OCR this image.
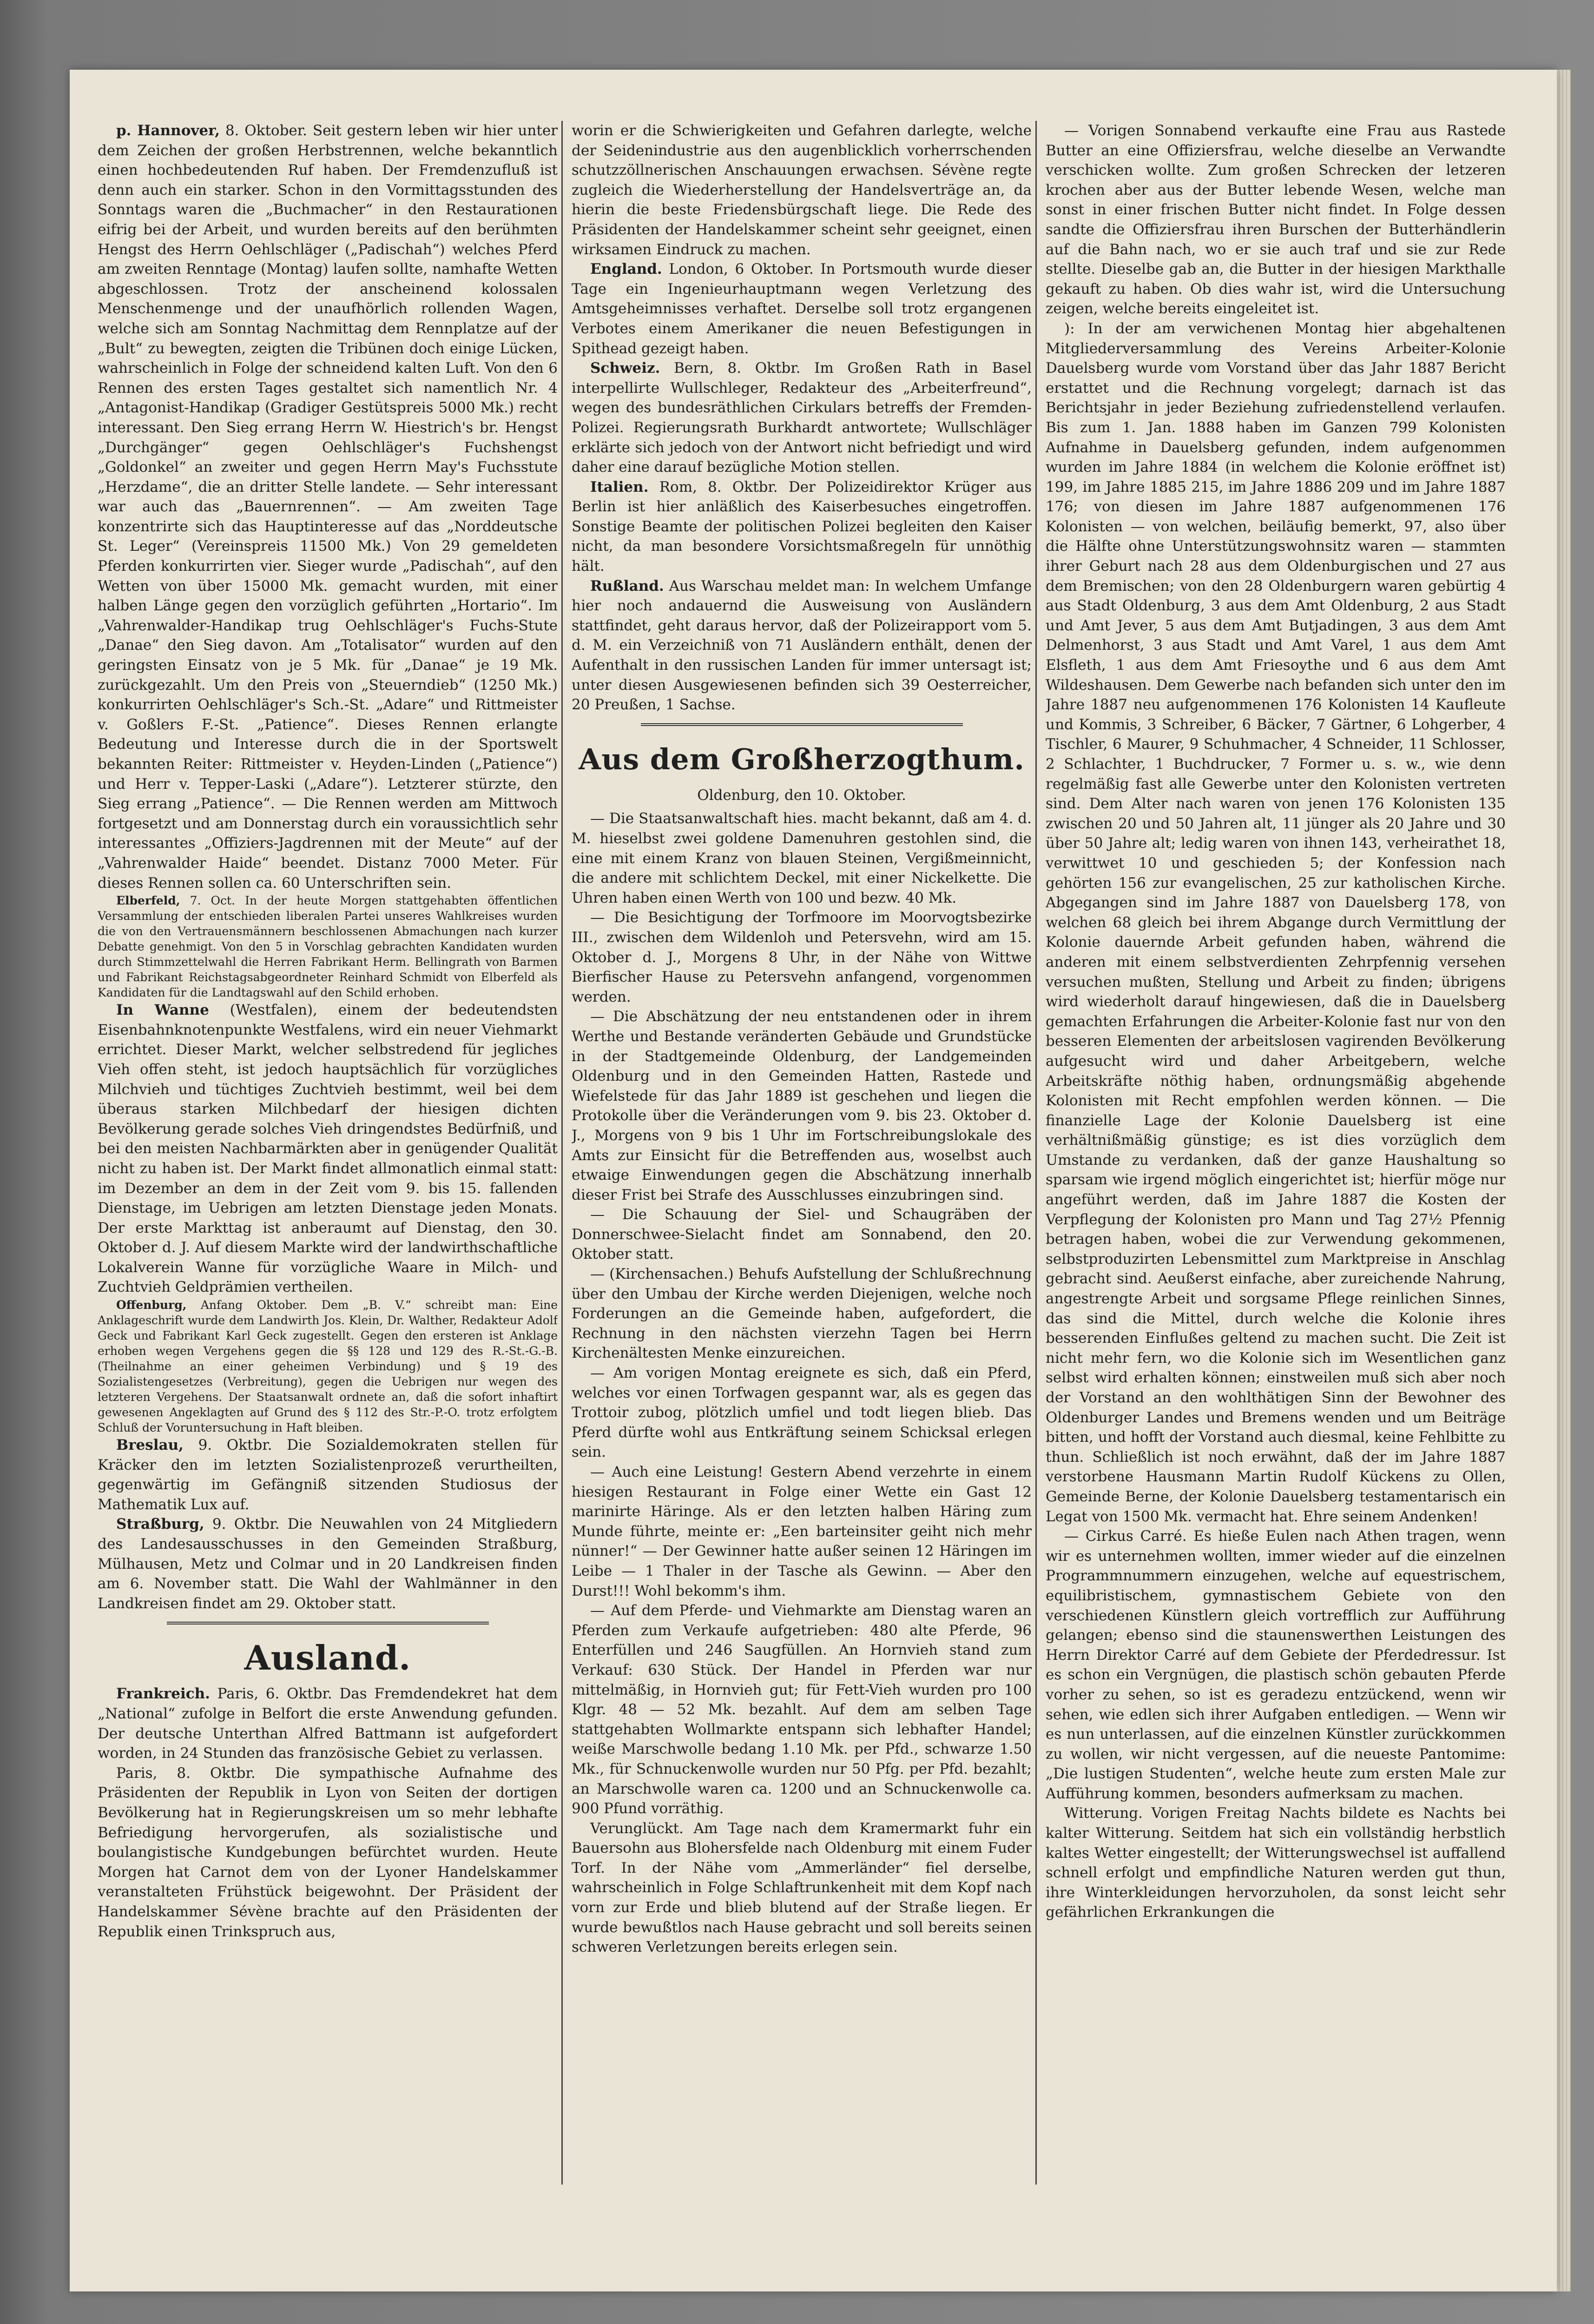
p. Hannover, 8. Oktober. Seit gestern leben wir hier unter dem Zeichen der großen Herbstrennen, welche bekanntlich einen hochbedeutenden Ruf haben. Der Fremdenzufluß ist denn auch ein starker. Schon in den Vormittagsstunden des Sonntags waren die „Buchmacher“ in den Restaurationen eifrig bei der Arbeit, und wurden bereits auf den berühmten Hengst des Herrn Oehlschläger („Padischah“) welches Pferd am zweiten Renntage (Montag) laufen sollte, namhafte Wetten abgeschlossen. Trotz der anscheinend kolossalen Menschenmenge und der unaufhörlich rollenden Wagen, welche sich am Sonntag Nachmittag dem Rennplatze auf der „Bult“ zu bewegten, zeigten die Tribünen doch einige Lücken, wahrscheinlich in Folge der schneidend kalten Luft. Von den 6 Rennen des ersten Tages gestaltet sich namentlich Nr. 4 „Antagonist-Handikap (Gradiger Gestütspreis 5000 Mk.) recht interessant. Den Sieg errang Herrn W. Hiestrich's br. Hengst „Durchgänger“ gegen Oehlschläger's Fuchshengst „Goldonkel“ an zweiter und gegen Herrn May's Fuchsstute „Herzdame“, die an dritter Stelle landete. — Sehr interessant war auch das „Bauernrennen“. — Am zweiten Tage konzentrirte sich das Hauptinteresse auf das „Norddeutsche St. Leger“ (Vereinspreis 11500 Mk.) Von 29 gemeldeten Pferden konkurrirten vier. Sieger wurde „Padischah“, auf den Wetten von über 15000 Mk. gemacht wurden, mit einer halben Länge gegen den vorzüglich geführten „Hortario“. Im „Vahrenwalder-Handikap trug Oehlschläger's Fuchs-Stute „Danae“ den Sieg davon. Am „Totalisator“ wurden auf den geringsten Einsatz von je 5 Mk. für „Danae“ je 19 Mk. zurückgezahlt. Um den Preis von „Steuerndieb“ (1250 Mk.) konkurrirten Oehlschläger's Sch.-St. „Adare“ und Rittmeister v. Goßlers F.-St. „Patience“. Dieses Rennen erlangte Bedeutung und Interesse durch die in der Sportswelt bekannten Reiter: Rittmeister v. Heyden-Linden („Patience“) und Herr v. Tepper-Laski („Adare“). Letzterer stürzte, den Sieg errang „Patience“. — Die Rennen werden am Mittwoch fortgesetzt und am Donnerstag durch ein voraussichtlich sehr interessantes „Offiziers-Jagdrennen mit der Meute“ auf der „Vahrenwalder Haide“ beendet. Distanz 7000 Meter. Für dieses Rennen sollen ca. 60 Unterschriften sein.

Elberfeld, 7. Oct. In der heute Morgen stattgehabten öffentlichen Versammlung der entschieden liberalen Partei unseres Wahlkreises wurden die von den Vertrauensmännern beschlossenen Abmachungen nach kurzer Debatte genehmigt. Von den 5 in Vorschlag gebrachten Kandidaten wurden durch Stimmzettelwahl die Herren Fabrikant Herm. Bellingrath von Barmen und Fabrikant Reichstagsabgeordneter Reinhard Schmidt von Elberfeld als Kandidaten für die Landtagswahl auf den Schild erhoben.

In Wanne (Westfalen), einem der bedeutendsten Eisenbahnknotenpunkte Westfalens, wird ein neuer Viehmarkt errichtet. Dieser Markt, welcher selbstredend für jegliches Vieh offen steht, ist jedoch hauptsächlich für vorzügliches Milchvieh und tüchtiges Zuchtvieh bestimmt, weil bei dem überaus starken Milchbedarf der hiesigen dichten Bevölkerung gerade solches Vieh dringendstes Bedürfniß, und bei den meisten Nachbarmärkten aber in genügender Qualität nicht zu haben ist. Der Markt findet allmonatlich einmal statt: im Dezember an dem in der Zeit vom 9. bis 15. fallenden Dienstage, im Uebrigen am letzten Dienstage jeden Monats. Der erste Markttag ist anberaumt auf Dienstag, den 30. Oktober d. J. Auf diesem Markte wird der landwirthschaftliche Lokalverein Wanne für vorzügliche Waare in Milch- und Zuchtvieh Geldprämien vertheilen.

Offenburg, Anfang Oktober. Dem „B. V.“ schreibt man: Eine Anklageschrift wurde dem Landwirth Jos. Klein, Dr. Walther, Redakteur Adolf Geck und Fabrikant Karl Geck zugestellt. Gegen den ersteren ist Anklage erhoben wegen Vergehens gegen die §§ 128 und 129 des R.-St.-G.-B. (Theilnahme an einer geheimen Verbindung) und § 19 des Sozialistengesetzes (Verbreitung), gegen die Uebrigen nur wegen des letzteren Vergehens. Der Staatsanwalt ordnete an, daß die sofort inhaftirt gewesenen Angeklagten auf Grund des § 112 des Str.-P.-O. trotz erfolgtem Schluß der Voruntersuchung in Haft bleiben.

Breslau, 9. Oktbr. Die Sozialdemokraten stellen für Kräcker den im letzten Sozialistenprozeß verurtheilten, gegenwärtig im Gefängniß sitzenden Studiosus der Mathematik Lux auf.

Straßburg, 9. Oktbr. Die Neuwahlen von 24 Mitgliedern des Landesausschusses in den Gemeinden Straßburg, Mülhausen, Metz und Colmar und in 20 Landkreisen finden am 6. November statt. Die Wahl der Wahlmänner in den Landkreisen findet am 29. Oktober statt.

Ausland.

Frankreich. Paris, 6. Oktbr. Das Fremdendekret hat dem „National“ zufolge in Belfort die erste Anwendung gefunden. Der deutsche Unterthan Alfred Battmann ist aufgefordert worden, in 24 Stunden das französische Gebiet zu verlassen.

Paris, 8. Oktbr. Die sympathische Aufnahme des Präsidenten der Republik in Lyon von Seiten der dortigen Bevölkerung hat in Regierungskreisen um so mehr lebhafte Befriedigung hervorgerufen, als sozialistische und boulangistische Kundgebungen befürchtet wurden. Heute Morgen hat Carnot dem von der Lyoner Handelskammer veranstalteten Frühstück beigewohnt. Der Präsident der Handelskammer Sévène brachte auf den Präsidenten der Republik einen Trinkspruch aus,

worin er die Schwierigkeiten und Gefahren darlegte, welche der Seidenindustrie aus den augenblicklich vorherrschenden schutzzöllnerischen Anschauungen erwachsen. Sévène regte zugleich die Wiederherstellung der Handelsverträge an, da hierin die beste Friedensbürgschaft liege. Die Rede des Präsidenten der Handelskammer scheint sehr geeignet, einen wirksamen Eindruck zu machen.

England. London, 6 Oktober. In Portsmouth wurde dieser Tage ein Ingenieurhauptmann wegen Verletzung des Amtsgeheimnisses verhaftet. Derselbe soll trotz ergangenen Verbotes einem Amerikaner die neuen Befestigungen in Spithead gezeigt haben.

Schweiz. Bern, 8. Oktbr. Im Großen Rath in Basel interpellirte Wullschleger, Redakteur des „Arbeiterfreund“, wegen des bundesräthlichen Cirkulars betreffs der Fremden-Polizei. Regierungsrath Burkhardt antwortete; Wullschläger erklärte sich jedoch von der Antwort nicht befriedigt und wird daher eine darauf bezügliche Motion stellen.

Italien. Rom, 8. Oktbr. Der Polizeidirektor Krüger aus Berlin ist hier anläßlich des Kaiserbesuches eingetroffen. Sonstige Beamte der politischen Polizei begleiten den Kaiser nicht, da man besondere Vorsichtsmaßregeln für unnöthig hält.

Rußland. Aus Warschau meldet man: In welchem Umfange hier noch andauernd die Ausweisung von Ausländern stattfindet, geht daraus hervor, daß der Polizeirapport vom 5. d. M. ein Verzeichniß von 71 Ausländern enthält, denen der Aufenthalt in den russischen Landen für immer untersagt ist; unter diesen Ausgewiesenen befinden sich 39 Oesterreicher, 20 Preußen, 1 Sachse.

Aus dem Großherzogthum.

Oldenburg, den 10. Oktober.

— Die Staatsanwaltschaft hies. macht bekannt, daß am 4. d. M. hieselbst zwei goldene Damenuhren gestohlen sind, die eine mit einem Kranz von blauen Steinen, Vergißmeinnicht, die andere mit schlichtem Deckel, mit einer Nickelkette. Die Uhren haben einen Werth von 100 und bezw. 40 Mk.

— Die Besichtigung der Torfmoore im Moorvogtsbezirke III., zwischen dem Wildenloh und Petersvehn, wird am 15. Oktober d. J., Morgens 8 Uhr, in der Nähe von Wittwe Bierfischer Hause zu Petersvehn anfangend, vorgenommen werden.

— Die Abschätzung der neu entstandenen oder in ihrem Werthe und Bestande veränderten Gebäude und Grundstücke in der Stadtgemeinde Oldenburg, der Landgemeinden Oldenburg und in den Gemeinden Hatten, Rastede und Wiefelstede für das Jahr 1889 ist geschehen und liegen die Protokolle über die Veränderungen vom 9. bis 23. Oktober d. J., Morgens von 9 bis 1 Uhr im Fortschreibungslokale des Amts zur Einsicht für die Betreffenden aus, woselbst auch etwaige Einwendungen gegen die Abschätzung innerhalb dieser Frist bei Strafe des Ausschlusses einzubringen sind.

— Die Schauung der Siel- und Schaugräben der Donnerschwee-Sielacht findet am Sonnabend, den 20. Oktober statt.

— (Kirchensachen.) Behufs Aufstellung der Schlußrechnung über den Umbau der Kirche werden Diejenigen, welche noch Forderungen an die Gemeinde haben, aufgefordert, die Rechnung in den nächsten vierzehn Tagen bei Herrn Kirchenältesten Menke einzureichen.

— Am vorigen Montag ereignete es sich, daß ein Pferd, welches vor einen Torfwagen gespannt war, als es gegen das Trottoir zubog, plötzlich umfiel und todt liegen blieb. Das Pferd dürfte wohl aus Entkräftung seinem Schicksal erlegen sein.

— Auch eine Leistung! Gestern Abend verzehrte in einem hiesigen Restaurant in Folge einer Wette ein Gast 12 marinirte Häringe. Als er den letzten halben Häring zum Munde führte, meinte er: „Een barteinsiter geiht nich mehr nünner!“ — Der Gewinner hatte außer seinen 12 Häringen im Leibe — 1 Thaler in der Tasche als Gewinn. — Aber den Durst!!! Wohl bekomm's ihm.

— Auf dem Pferde- und Viehmarkte am Dienstag waren an Pferden zum Verkaufe aufgetrieben: 480 alte Pferde, 96 Enterfüllen und 246 Saugfüllen. An Hornvieh stand zum Verkauf: 630 Stück. Der Handel in Pferden war nur mittelmäßig, in Hornvieh gut; für Fett-Vieh wurden pro 100 Klgr. 48 — 52 Mk. bezahlt. Auf dem am selben Tage stattgehabten Wollmarkte entspann sich lebhafter Handel; weiße Marschwolle bedang 1.10 Mk. per Pfd., schwarze 1.50 Mk., für Schnuckenwolle wurden nur 50 Pfg. per Pfd. bezahlt; an Marschwolle waren ca. 1200 und an Schnuckenwolle ca. 900 Pfund vorräthig.

Verunglückt. Am Tage nach dem Kramermarkt fuhr ein Bauersohn aus Blohersfelde nach Oldenburg mit einem Fuder Torf. In der Nähe vom „Ammerländer“ fiel derselbe, wahrscheinlich in Folge Schlaftrunkenheit mit dem Kopf nach vorn zur Erde und blieb blutend auf der Straße liegen. Er wurde bewußtlos nach Hause gebracht und soll bereits seinen schweren Verletzungen bereits erlegen sein.

— Vorigen Sonnabend verkaufte eine Frau aus Rastede Butter an eine Offiziersfrau, welche dieselbe an Verwandte verschicken wollte. Zum großen Schrecken der letzeren krochen aber aus der Butter lebende Wesen, welche man sonst in einer frischen Butter nicht findet. In Folge dessen sandte die Offiziersfrau ihren Burschen der Butterhändlerin auf die Bahn nach, wo er sie auch traf und sie zur Rede stellte. Dieselbe gab an, die Butter in der hiesigen Markthalle gekauft zu haben. Ob dies wahr ist, wird die Untersuchung zeigen, welche bereits eingeleitet ist.

): In der am verwichenen Montag hier abgehaltenen Mitgliederversammlung des Vereins Arbeiter-Kolonie Dauelsberg wurde vom Vorstand über das Jahr 1887 Bericht erstattet und die Rechnung vorgelegt; darnach ist das Berichtsjahr in jeder Beziehung zufriedenstellend verlaufen. Bis zum 1. Jan. 1888 haben im Ganzen 799 Kolonisten Aufnahme in Dauelsberg gefunden, indem aufgenommen wurden im Jahre 1884 (in welchem die Kolonie eröffnet ist) 199, im Jahre 1885 215, im Jahre 1886 209 und im Jahre 1887 176; von diesen im Jahre 1887 aufgenommenen 176 Kolonisten — von welchen, beiläufig bemerkt, 97, also über die Hälfte ohne Unterstützungswohnsitz waren — stammten ihrer Geburt nach 28 aus dem Oldenburgischen und 27 aus dem Bremischen; von den 28 Oldenburgern waren gebürtig 4 aus Stadt Oldenburg, 3 aus dem Amt Oldenburg, 2 aus Stadt und Amt Jever, 5 aus dem Amt Butjadingen, 3 aus dem Amt Delmenhorst, 3 aus Stadt und Amt Varel, 1 aus dem Amt Elsfleth, 1 aus dem Amt Friesoythe und 6 aus dem Amt Wildeshausen. Dem Gewerbe nach befanden sich unter den im Jahre 1887 neu aufgenommenen 176 Kolonisten 14 Kaufleute und Kommis, 3 Schreiber, 6 Bäcker, 7 Gärtner, 6 Lohgerber, 4 Tischler, 6 Maurer, 9 Schuhmacher, 4 Schneider, 11 Schlosser, 2 Schlachter, 1 Buchdrucker, 7 Former u. s. w., wie denn regelmäßig fast alle Gewerbe unter den Kolonisten vertreten sind. Dem Alter nach waren von jenen 176 Kolonisten 135 zwischen 20 und 50 Jahren alt, 11 jünger als 20 Jahre und 30 über 50 Jahre alt; ledig waren von ihnen 143, verheirathet 18, verwittwet 10 und geschieden 5; der Konfession nach gehörten 156 zur evangelischen, 25 zur katholischen Kirche. Abgegangen sind im Jahre 1887 von Dauelsberg 178, von welchen 68 gleich bei ihrem Abgange durch Vermittlung der Kolonie dauernde Arbeit gefunden haben, während die anderen mit einem selbstverdienten Zehrpfennig versehen versuchen mußten, Stellung und Arbeit zu finden; übrigens wird wiederholt darauf hingewiesen, daß die in Dauelsberg gemachten Erfahrungen die Arbeiter-Kolonie fast nur von den besseren Elementen der arbeitslosen vagirenden Bevölkerung aufgesucht wird und daher Arbeitgebern, welche Arbeitskräfte nöthig haben, ordnungsmäßig abgehende Kolonisten mit Recht empfohlen werden können. — Die finanzielle Lage der Kolonie Dauelsberg ist eine verhältnißmäßig günstige; es ist dies vorzüglich dem Umstande zu verdanken, daß der ganze Haushaltung so sparsam wie irgend möglich eingerichtet ist; hierfür möge nur angeführt werden, daß im Jahre 1887 die Kosten der Verpflegung der Kolonisten pro Mann und Tag 27½ Pfennig betragen haben, wobei die zur Verwendung gekommenen, selbstproduzirten Lebensmittel zum Marktpreise in Anschlag gebracht sind. Aeußerst einfache, aber zureichende Nahrung, angestrengte Arbeit und sorgsame Pflege reinlichen Sinnes, das sind die Mittel, durch welche die Kolonie ihres besserenden Einflußes geltend zu machen sucht. Die Zeit ist nicht mehr fern, wo die Kolonie sich im Wesentlichen ganz selbst wird erhalten können; einstweilen muß sich aber noch der Vorstand an den wohlthätigen Sinn der Bewohner des Oldenburger Landes und Bremens wenden und um Beiträge bitten, und hofft der Vorstand auch diesmal, keine Fehlbitte zu thun. Schließlich ist noch erwähnt, daß der im Jahre 1887 verstorbene Hausmann Martin Rudolf Kückens zu Ollen, Gemeinde Berne, der Kolonie Dauelsberg testamentarisch ein Legat von 1500 Mk. vermacht hat. Ehre seinem Andenken!

— Cirkus Carré. Es hieße Eulen nach Athen tragen, wenn wir es unternehmen wollten, immer wieder auf die einzelnen Programmnummern einzugehen, welche auf equestrischem, equilibristischem, gymnastischem Gebiete von den verschiedenen Künstlern gleich vortrefflich zur Aufführung gelangen; ebenso sind die staunenswerthen Leistungen des Herrn Direktor Carré auf dem Gebiete der Pferdedressur. Ist es schon ein Vergnügen, die plastisch schön gebauten Pferde vorher zu sehen, so ist es geradezu entzückend, wenn wir sehen, wie edlen sich ihrer Aufgaben entledigen. — Wenn wir es nun unterlassen, auf die einzelnen Künstler zurückkommen zu wollen, wir nicht vergessen, auf die neueste Pantomime: „Die lustigen Studenten“, welche heute zum ersten Male zur Aufführung kommen, besonders aufmerksam zu machen.

Witterung. Vorigen Freitag Nachts bildete es Nachts bei kalter Witterung. Seitdem hat sich ein vollständig herbstlich kaltes Wetter eingestellt; der Witterungswechsel ist auffallend schnell erfolgt und empfindliche Naturen werden gut thun, ihre Winterkleidungen hervorzuholen, da sonst leicht sehr gefährlichen Erkrankungen die
